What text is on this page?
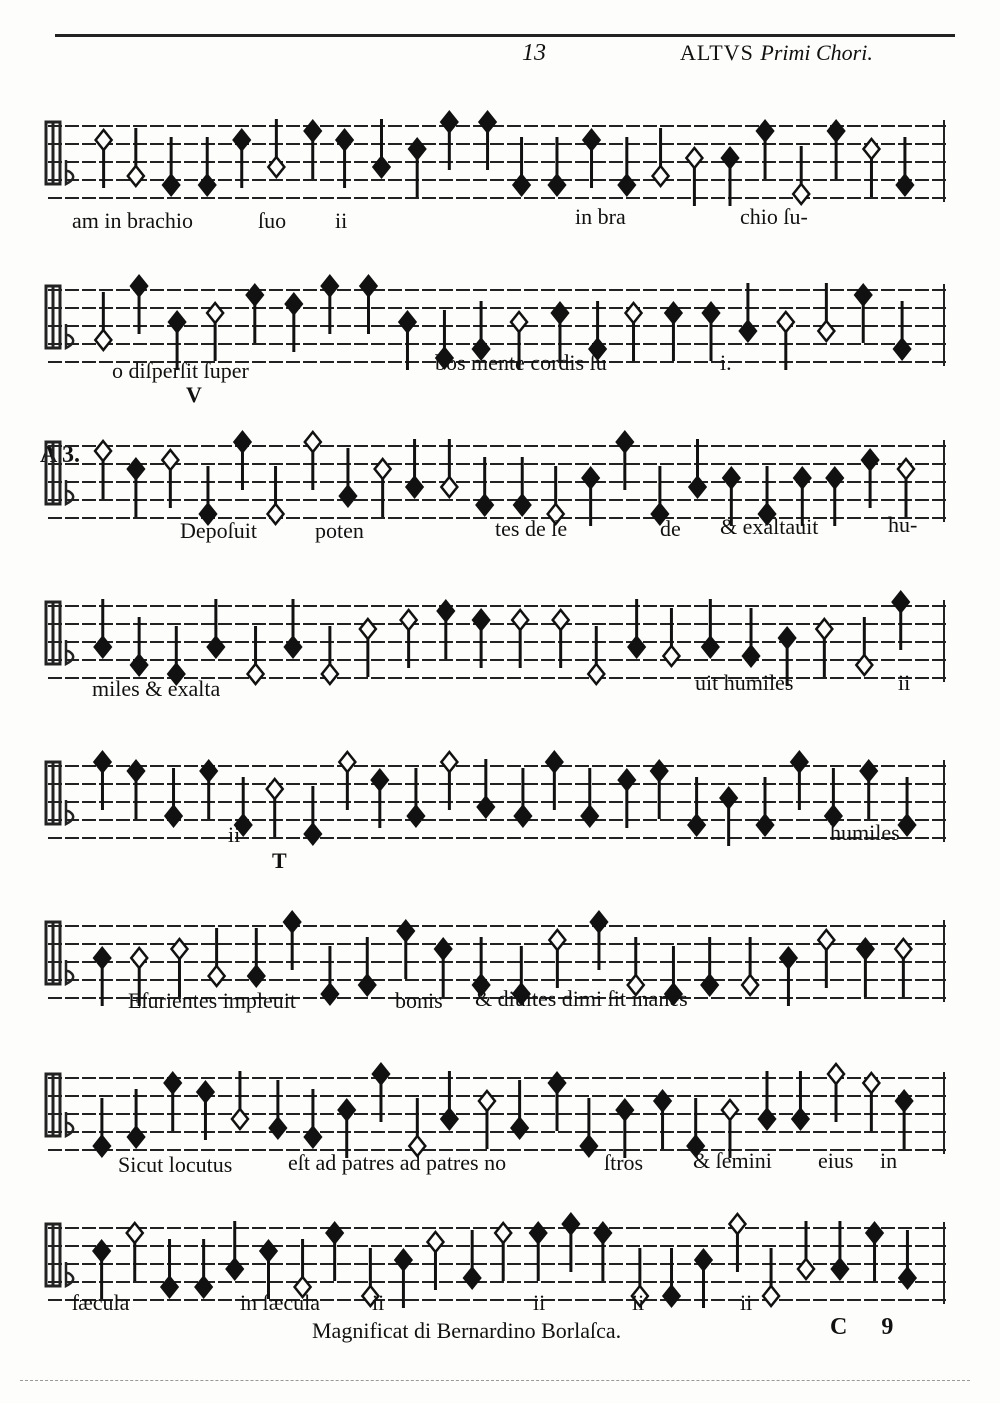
13	ALTVS Primi Chori.
am in brachio	ſuo ii	in bra	chio ſu-
o diſperſit ſuper	bos mente cordis ſu	i.
V
A 3.
Depoſuit	poten	tes de ſe	de & exaltauit	hu-
miles & exalta	uit humiles	ii
ii	humiles
T
Eſurientes impleuit	bonis & diuites dimi ſit inanes
Sicut locutus	eſt ad patres ad patres no	ſtros & ſemini eius in
ſæcula	in ſæcula ii	ii	ii	ii
Magnificat di Bernardino Borlaſca.	C 9
